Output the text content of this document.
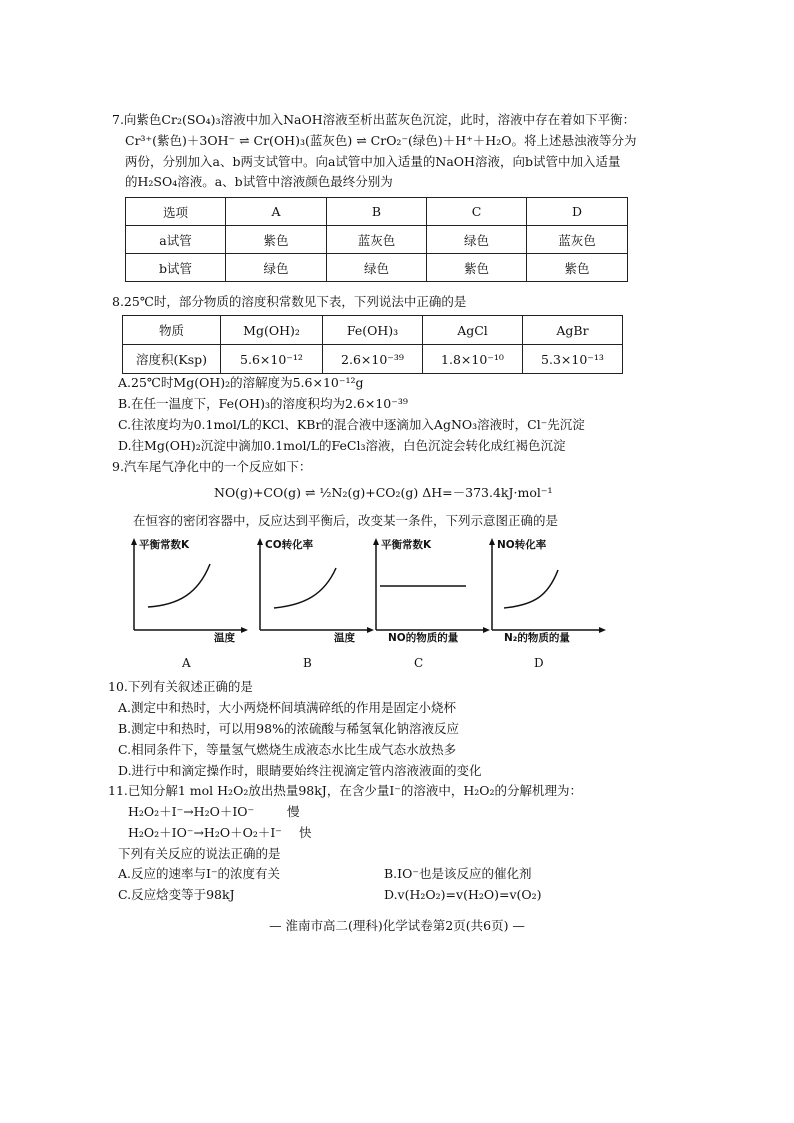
7.向紫色Cr₂(SO₄)₃溶液中加入NaOH溶液至析出蓝灰色沉淀，此时，溶液中存在着如下平衡：
Cr³⁺(紫色)＋3OH⁻ ⇌ Cr(OH)₃(蓝灰色) ⇌ CrO₂⁻(绿色)＋H⁺＋H₂O。将上述悬浊液等分为
两份，分别加入a、b两支试管中。向a试管中加入适量的NaOH溶液，向b试管中加入适量
的H₂SO₄溶液。a、b试管中溶液颜色最终分别为
选项	A	B	C	D
a试管	紫色	蓝灰色	绿色	蓝灰色
b试管	绿色	绿色	紫色	紫色
8.25℃时，部分物质的溶度积常数见下表，下列说法中正确的是
物质	Mg(OH)₂	Fe(OH)₃	AgCl	AgBr
溶度积(Ksp)	5.6×10⁻¹²	2.6×10⁻³⁹	1.8×10⁻¹⁰	5.3×10⁻¹³
A.25℃时Mg(OH)₂的溶解度为5.6×10⁻¹²g
B.在任一温度下，Fe(OH)₃的溶度积均为2.6×10⁻³⁹
C.往浓度均为0.1mol/L的KCl、KBr的混合液中逐滴加入AgNO₃溶液时，Cl⁻先沉淀
D.往Mg(OH)₂沉淀中滴加0.1mol/L的FeCl₃溶液，白色沉淀会转化成红褐色沉淀
9.汽车尾气净化中的一个反应如下：
NO(g)+CO(g) ⇌ ½N₂(g)+CO₂(g) ΔH=－373.4kJ·mol⁻¹
在恒容的密闭容器中，反应达到平衡后，改变某一条件，下列示意图正确的是
平衡常数K
温度
A
CO转化率
温度
B
平衡常数K
NO的物质的量
C
NO转化率
N₂的物质的量
D
10.下列有关叙述正确的是
A.测定中和热时，大小两烧杯间填满碎纸的作用是固定小烧杯
B.测定中和热时，可以用98%的浓硫酸与稀氢氧化钠溶液反应
C.相同条件下，等量氢气燃烧生成液态水比生成气态水放热多
D.进行中和滴定操作时，眼睛要始终注视滴定管内溶液液面的变化
11.已知分解1 mol H₂O₂放出热量98kJ，在含少量I⁻的溶液中，H₂O₂的分解机理为：
H₂O₂＋I⁻→H₂O＋IO⁻	慢
H₂O₂＋IO⁻→H₂O＋O₂＋I⁻ 快
下列有关反应的说法正确的是
A.反应的速率与I⁻的浓度有关	B.IO⁻也是该反应的催化剂
C.反应焓变等于98kJ	D.v(H₂O₂)=v(H₂O)=v(O₂)
— 淮南市高二(理科)化学试卷第2页(共6页) —
